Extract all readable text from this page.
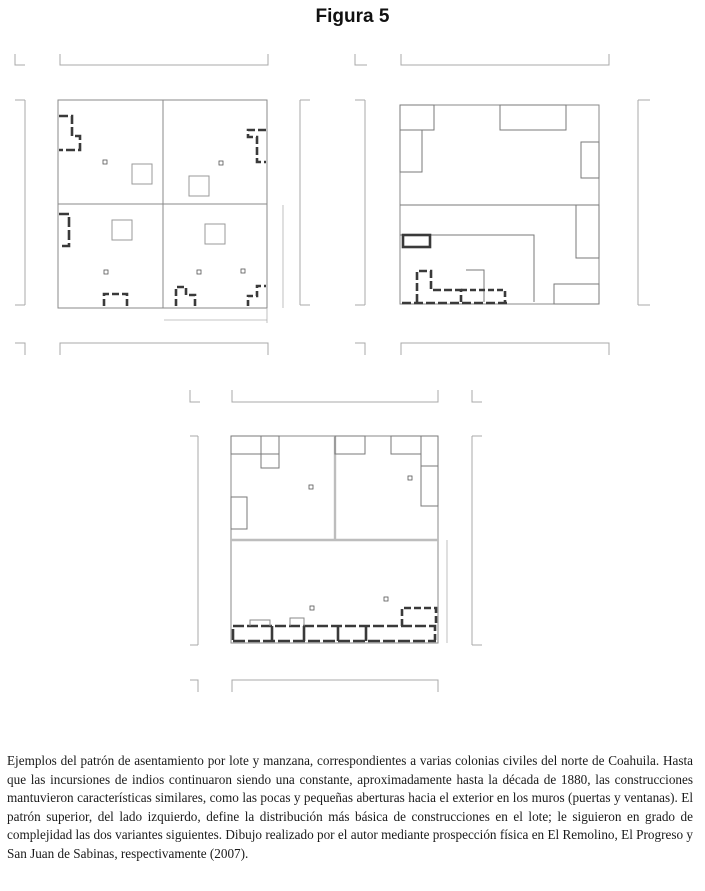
Figura 5
Ejemplos del patrón de asentamiento por lote y manzana, correspondientes a varias colonias civiles del norte de Coahuila. Hasta que las incursiones de indios continuaron siendo una constante, aproximadamente hasta la década de 1880, las construcciones mantuvieron características similares, como las pocas y pequeñas aberturas hacia el exterior en los muros (puertas y ventanas). El patrón superior, del lado izquierdo, define la distribución más básica de construcciones en el lote; le siguieron en grado de complejidad las dos variantes siguientes. Dibujo realizado por el autor mediante prospección física en El Remolino, El Progreso y San Juan de Sabinas, respectivamente (2007).
